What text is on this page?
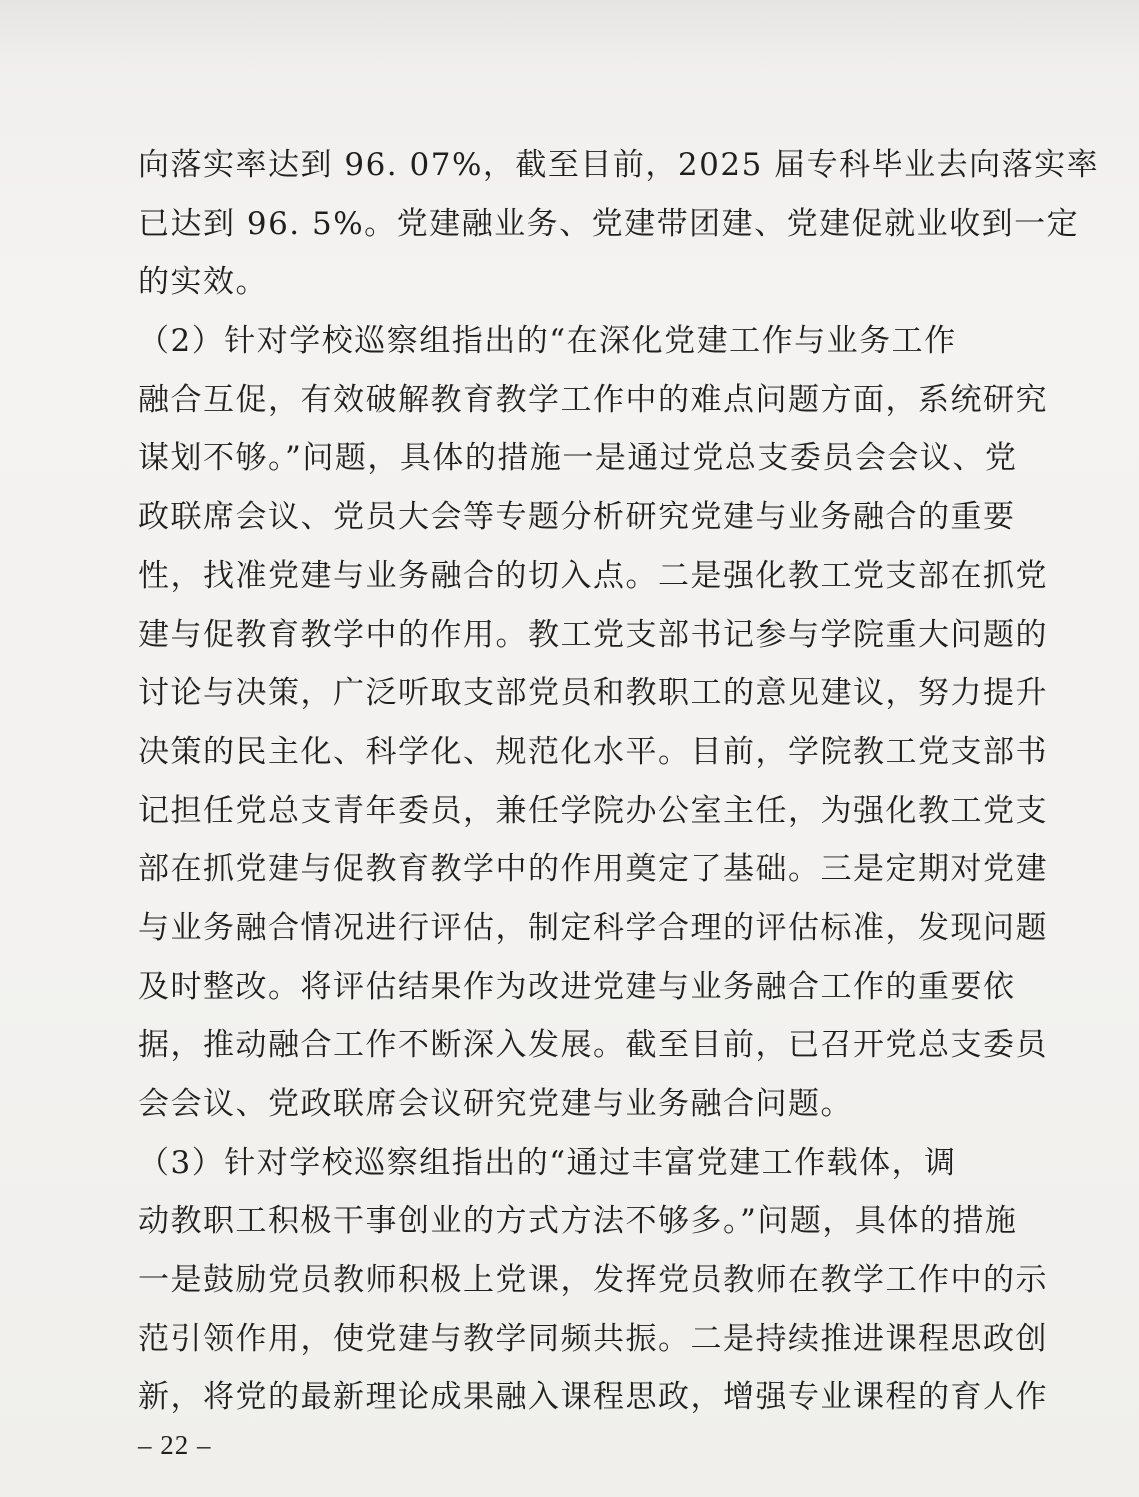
向落实率达到 96. 07%，截至目前，2025 届专科毕业去向落实率
已达到 96. 5%。党建融业务、党建带团建、党建促就业收到一定
的实效。
（2）针对学校巡察组指出的“在深化党建工作与业务工作
融合互促，有效破解教育教学工作中的难点问题方面，系统研究
谋划不够。”问题，具体的措施一是通过党总支委员会会议、党
政联席会议、党员大会等专题分析研究党建与业务融合的重要
性，找准党建与业务融合的切入点。二是强化教工党支部在抓党
建与促教育教学中的作用。教工党支部书记参与学院重大问题的
讨论与决策，广泛听取支部党员和教职工的意见建议，努力提升
决策的民主化、科学化、规范化水平。目前，学院教工党支部书
记担任党总支青年委员，兼任学院办公室主任，为强化教工党支
部在抓党建与促教育教学中的作用奠定了基础。三是定期对党建
与业务融合情况进行评估，制定科学合理的评估标准，发现问题
及时整改。将评估结果作为改进党建与业务融合工作的重要依
据，推动融合工作不断深入发展。截至目前，已召开党总支委员
会会议、党政联席会议研究党建与业务融合问题。
（3）针对学校巡察组指出的“通过丰富党建工作载体，调
动教职工积极干事创业的方式方法不够多。”问题，具体的措施
一是鼓励党员教师积极上党课，发挥党员教师在教学工作中的示
范引领作用，使党建与教学同频共振。二是持续推进课程思政创
新，将党的最新理论成果融入课程思政，增强专业课程的育人作
– 22 –
